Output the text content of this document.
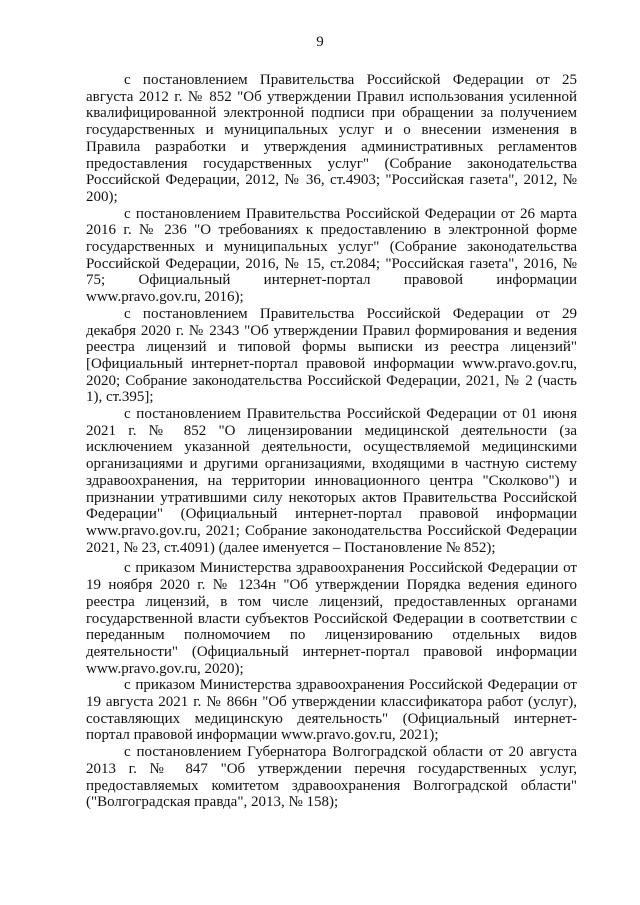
9

с постановлением Правительства Российской Федерации от 25 августа 2012 г. № 852 "Об утверждении Правил использования усиленной квалифицированной электронной подписи при обращении за получением государственных и муниципальных услуг и о внесении изменения в Правила разработки и утверждения административных регламентов предоставления государственных услуг" (Собрание законодательства Российской Федерации, 2012, № 36, ст.4903; "Российская газета", 2012, № 200);

с постановлением Правительства Российской Федерации от 26 марта 2016 г. № 236 "О требованиях к предоставлению в электронной форме государственных и муниципальных услуг" (Собрание законодательства Российской Федерации, 2016, № 15, ст.2084; "Российская газета", 2016, № 75; Официальный интернет-портал правовой информации www.pravo.gov.ru, 2016);

с постановлением Правительства Российской Федерации от 29 декабря 2020 г. № 2343 "Об утверждении Правил формирования и ведения реестра лицензий и типовой формы выписки из реестра лицензий" [Официальный интернет-портал правовой информации www.pravo.gov.ru, 2020; Собрание законодательства Российской Федерации, 2021, № 2 (часть 1), ст.395];

с постановлением Правительства Российской Федерации от 01 июня 2021 г. № 852 "О лицензировании медицинской деятельности (за исключением указанной деятельности, осуществляемой медицинскими организациями и другими организациями, входящими в частную систему здравоохранения, на территории инновационного центра "Сколково") и признании утратившими силу некоторых актов Правительства Российской Федерации" (Официальный интернет-портал правовой информации www.pravo.gov.ru, 2021; Собрание законодательства Российской Федерации 2021, № 23, ст.4091) (далее именуется – Постановление № 852);

с приказом Министерства здравоохранения Российской Федерации от 19 ноября 2020 г. № 1234н "Об утверждении Порядка ведения единого реестра лицензий, в том числе лицензий, предоставленных органами государственной власти субъектов Российской Федерации в соответствии с переданным полномочием по лицензированию отдельных видов деятельности" (Официальный интернет-портал правовой информации www.pravo.gov.ru, 2020);

с приказом Министерства здравоохранения Российской Федерации от 19 августа 2021 г. № 866н "Об утверждении классификатора работ (услуг), составляющих медицинскую деятельность" (Официальный интернет-портал правовой информации www.pravo.gov.ru, 2021);

с постановлением Губернатора Волгоградской области от 20 августа 2013 г. № 847 "Об утверждении перечня государственных услуг, предоставляемых комитетом здравоохранения Волгоградской области" ("Волгоградская правда", 2013, № 158);
